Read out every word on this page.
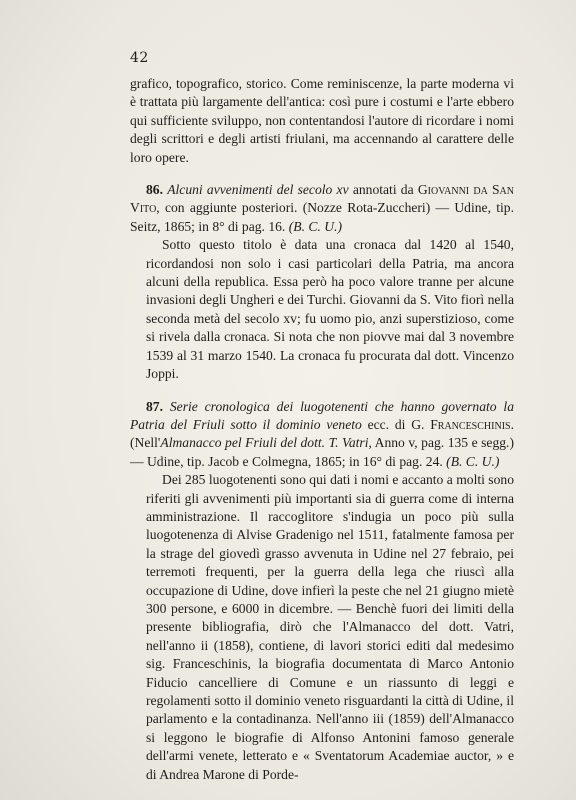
42

grafico, topografico, storico. Come reminiscenze, la parte moderna vi è trattata più largamente dell'antica: così pure i costumi e l'arte ebbero qui sufficiente sviluppo, non contentandosi l'autore di ricordare i nomi degli scrittori e degli artisti friulani, ma accennando al carattere delle loro opere.

86. Alcuni avvenimenti del secolo xv annotati da Giovanni da San Vito, con aggiunte posteriori. (Nozze Rota-Zuccheri) — Udine, tip. Seitz, 1865; in 8° di pag. 16. (B. C. U.)

Sotto questo titolo è data una cronaca dal 1420 al 1540, ricordandosi non solo i casi particolari della Patria, ma ancora alcuni della republica. Essa però ha poco valore tranne per alcune invasioni degli Ungheri e dei Turchi. Giovanni da S. Vito fiorì nella seconda metà del secolo xv; fu uomo pio, anzi superstizioso, come si rivela dalla cronaca. Si nota che non piovve mai dal 3 novembre 1539 al 31 marzo 1540. La cronaca fu procurata dal dott. Vincenzo Joppi.

87. Serie cronologica dei luogotenenti che hanno governato la Patria del Friuli sotto il dominio veneto ecc. di G. Franceschinis. (Nell'Almanacco pel Friuli del dott. T. Vatri, Anno v, pag. 135 e segg.) — Udine, tip. Jacob e Colmegna, 1865; in 16° di pag. 24. (B. C. U.)

Dei 285 luogotenenti sono qui dati i nomi e accanto a molti sono riferiti gli avvenimenti più importanti sia di guerra come di interna amministrazione. Il raccoglitore s'indugia un poco più sulla luogotenenza di Alvise Gradenigo nel 1511, fatalmente famosa per la strage del giovedì grasso avvenuta in Udine nel 27 febraio, pei terremoti frequenti, per la guerra della lega che riuscì alla occupazione di Udine, dove infierì la peste che nel 21 giugno mietè 300 persone, e 6000 in dicembre. — Benchè fuori dei limiti della presente bibliografia, dirò che l'Almanacco del dott. Vatri, nell'anno ii (1858), contiene, di lavori storici editi dal medesimo sig. Franceschinis, la biografia documentata di Marco Antonio Fiducio cancelliere di Comune e un riassunto di leggi e regolamenti sotto il dominio veneto risguardanti la città di Udine, il parlamento e la contadinanza. Nell'anno iii (1859) dell'Almanacco si leggono le biografie di Alfonso Antonini famoso generale dell'armi venete, letterato e « Sventatorum Academiae auctor, » e di Andrea Marone di Porde-
